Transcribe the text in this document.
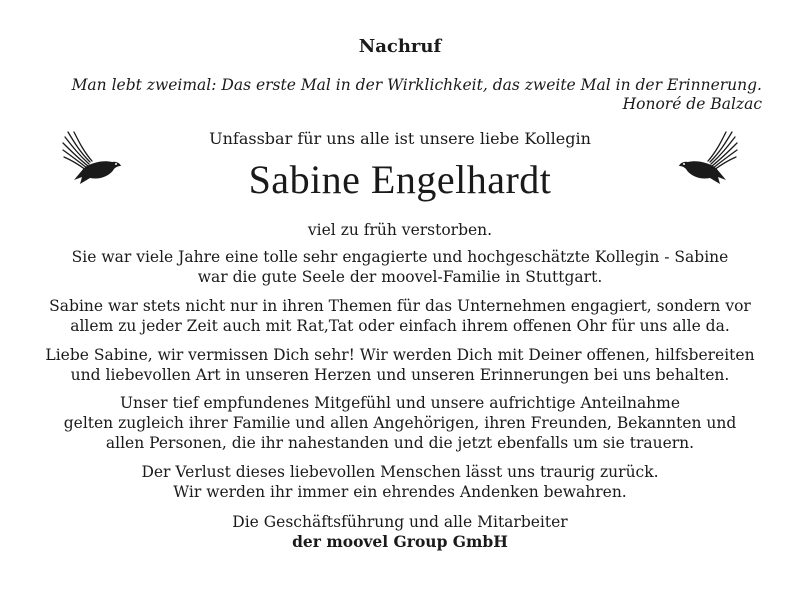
Nachruf
Man lebt zweimal: Das erste Mal in der Wirklichkeit, das zweite Mal in der Erinnerung.
Honoré de Balzac
Unfassbar für uns alle ist unsere liebe Kollegin
Sabine Engelhardt
viel zu früh verstorben.
Sie war viele Jahre eine tolle sehr engagierte und hochgeschätzte Kollegin - Sabine
war die gute Seele der moovel-Familie in Stuttgart.
Sabine war stets nicht nur in ihren Themen für das Unternehmen engagiert, sondern vor
allem zu jeder Zeit auch mit Rat,Tat oder einfach ihrem offenen Ohr für uns alle da.
Liebe Sabine, wir vermissen Dich sehr! Wir werden Dich mit Deiner offenen, hilfsbereiten
und liebevollen Art in unseren Herzen und unseren Erinnerungen bei uns behalten.
Unser tief empfundenes Mitgefühl und unsere aufrichtige Anteilnahme
gelten zugleich ihrer Familie und allen Angehörigen, ihren Freunden, Bekannten und
allen Personen, die ihr nahestanden und die jetzt ebenfalls um sie trauern.
Der Verlust dieses liebevollen Menschen lässt uns traurig zurück.
Wir werden ihr immer ein ehrendes Andenken bewahren.
Die Geschäftsführung und alle Mitarbeiter
der moovel Group GmbH
